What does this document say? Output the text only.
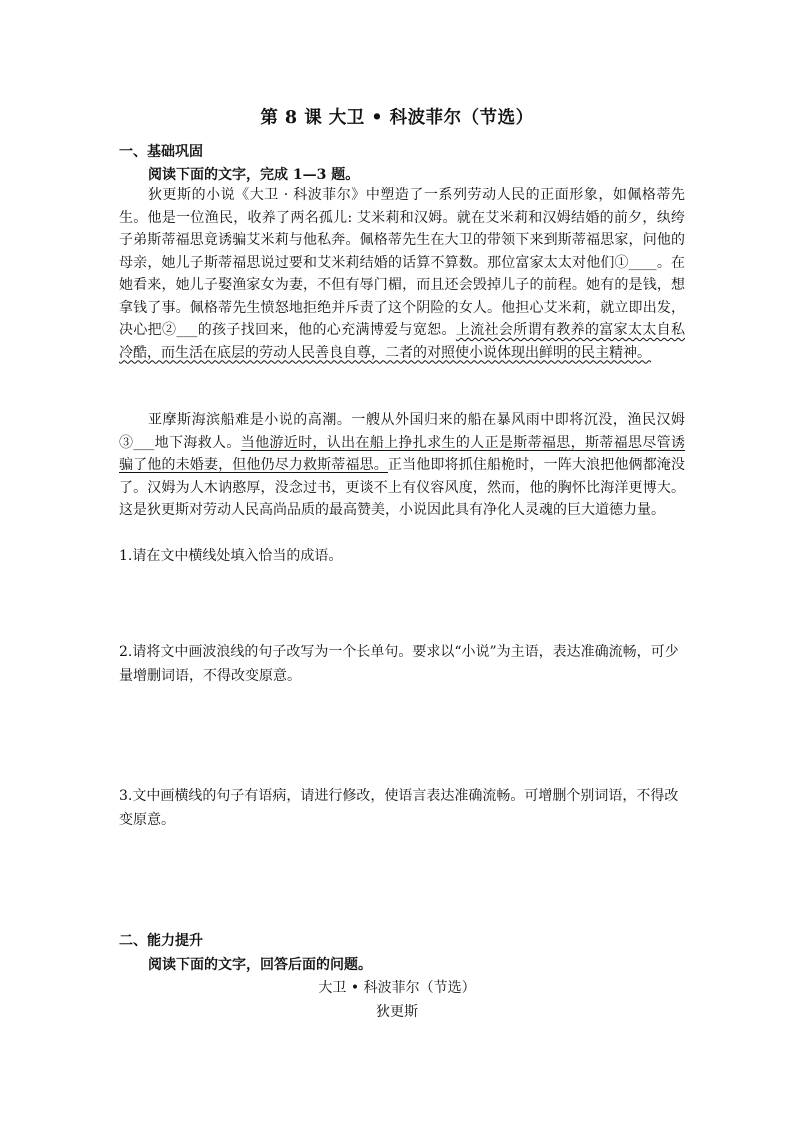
第 8 课 大卫 • 科波菲尔（节选）
一、基础巩固
阅读下面的文字，完成 1—3 题。
狄更斯的小说《大卫 · 科波菲尔》中塑造了一系列劳动人民的正面形象，如佩格蒂先生。他是一位渔民，收养了两名孤儿: 艾米莉和汉姆。就在艾米莉和汉姆结婚的前夕，纨绔子弟斯蒂福思竟诱骗艾米莉与他私奔。佩格蒂先生在大卫的带领下来到斯蒂福思家，问他的母亲，她儿子斯蒂福思说过要和艾米莉结婚的话算不算数。那位富家太太对他们①____。在她看来，她儿子娶渔家女为妻，不但有辱门楣，而且还会毁掉儿子的前程。她有的是钱，想拿钱了事。佩格蒂先生愤怒地拒绝并斥责了这个阴险的女人。他担心艾米莉，就立即出发，决心把②___的孩子找回来，他的心充满博爱与宽恕。上流社会所谓有教养的富家太太自私冷酷，而生活在底层的劳动人民善良自尊，二者的对照使小说体现出鲜明的民主精神。
亚摩斯海滨船难是小说的高潮。一艘从外国归来的船在暴风雨中即将沉没，渔民汉姆③___地下海救人。当他游近时，认出在船上挣扎求生的人正是斯蒂福思，斯蒂福思尽管诱骗了他的未婚妻，但他仍尽力救斯蒂福思。正当他即将抓住船桅时，一阵大浪把他俩都淹没了。汉姆为人木讷憨厚，没念过书，更谈不上有仪容风度，然而，他的胸怀比海洋更博大。这是狄更斯对劳动人民高尚品质的最高赞美，小说因此具有净化人灵魂的巨大道德力量。
1.请在文中横线处填入恰当的成语。
2.请将文中画波浪线的句子改写为一个长单句。要求以“小说”为主语，表达准确流畅，可少量增删词语，不得改变原意。
3.文中画横线的句子有语病，请进行修改，使语言表达准确流畅。可增删个别词语，不得改变原意。
二、能力提升
阅读下面的文字，回答后面的问题。
大卫 • 科波菲尔（节选）
狄更斯
